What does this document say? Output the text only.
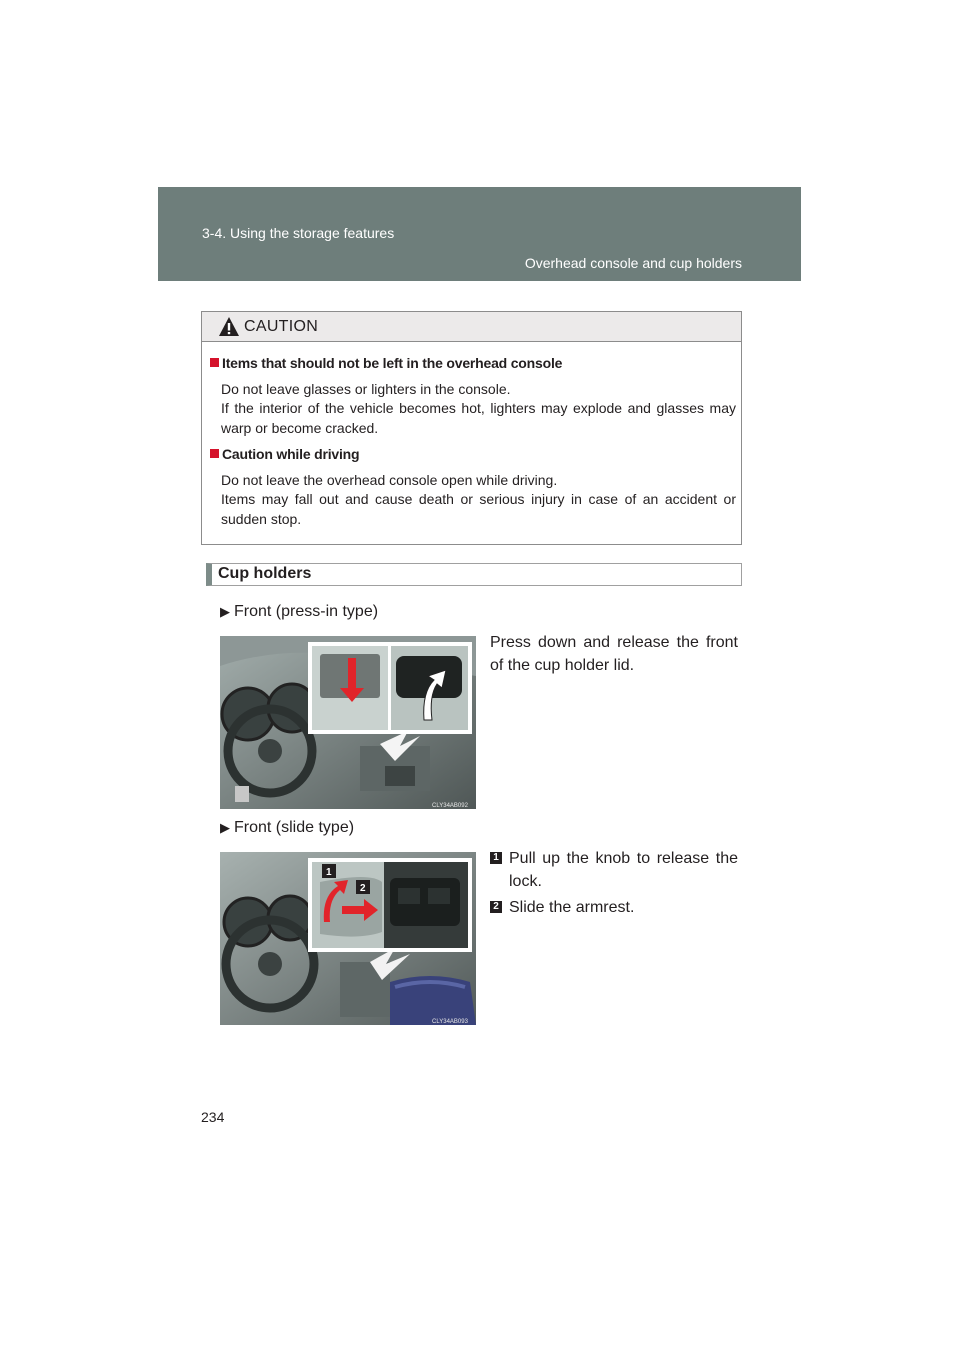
3-4. Using the storage features
Overhead console and cup holders
CAUTION
Items that should not be left in the overhead console
Do not leave glasses or lighters in the console.
If the interior of the vehicle becomes hot, lighters may explode and glasses may warp or become cracked.
Caution while driving
Do not leave the overhead console open while driving.
Items may fall out and cause death or serious injury in case of an accident or sudden stop.
Cup holders
▶ Front (press-in type)
CLY34AB092
Press down and release the front of the cup holder lid.
▶ Front (slide type)
1
2
CLY34AB093
1 Pull up the knob to release the lock.
2 Slide the armrest.
234
